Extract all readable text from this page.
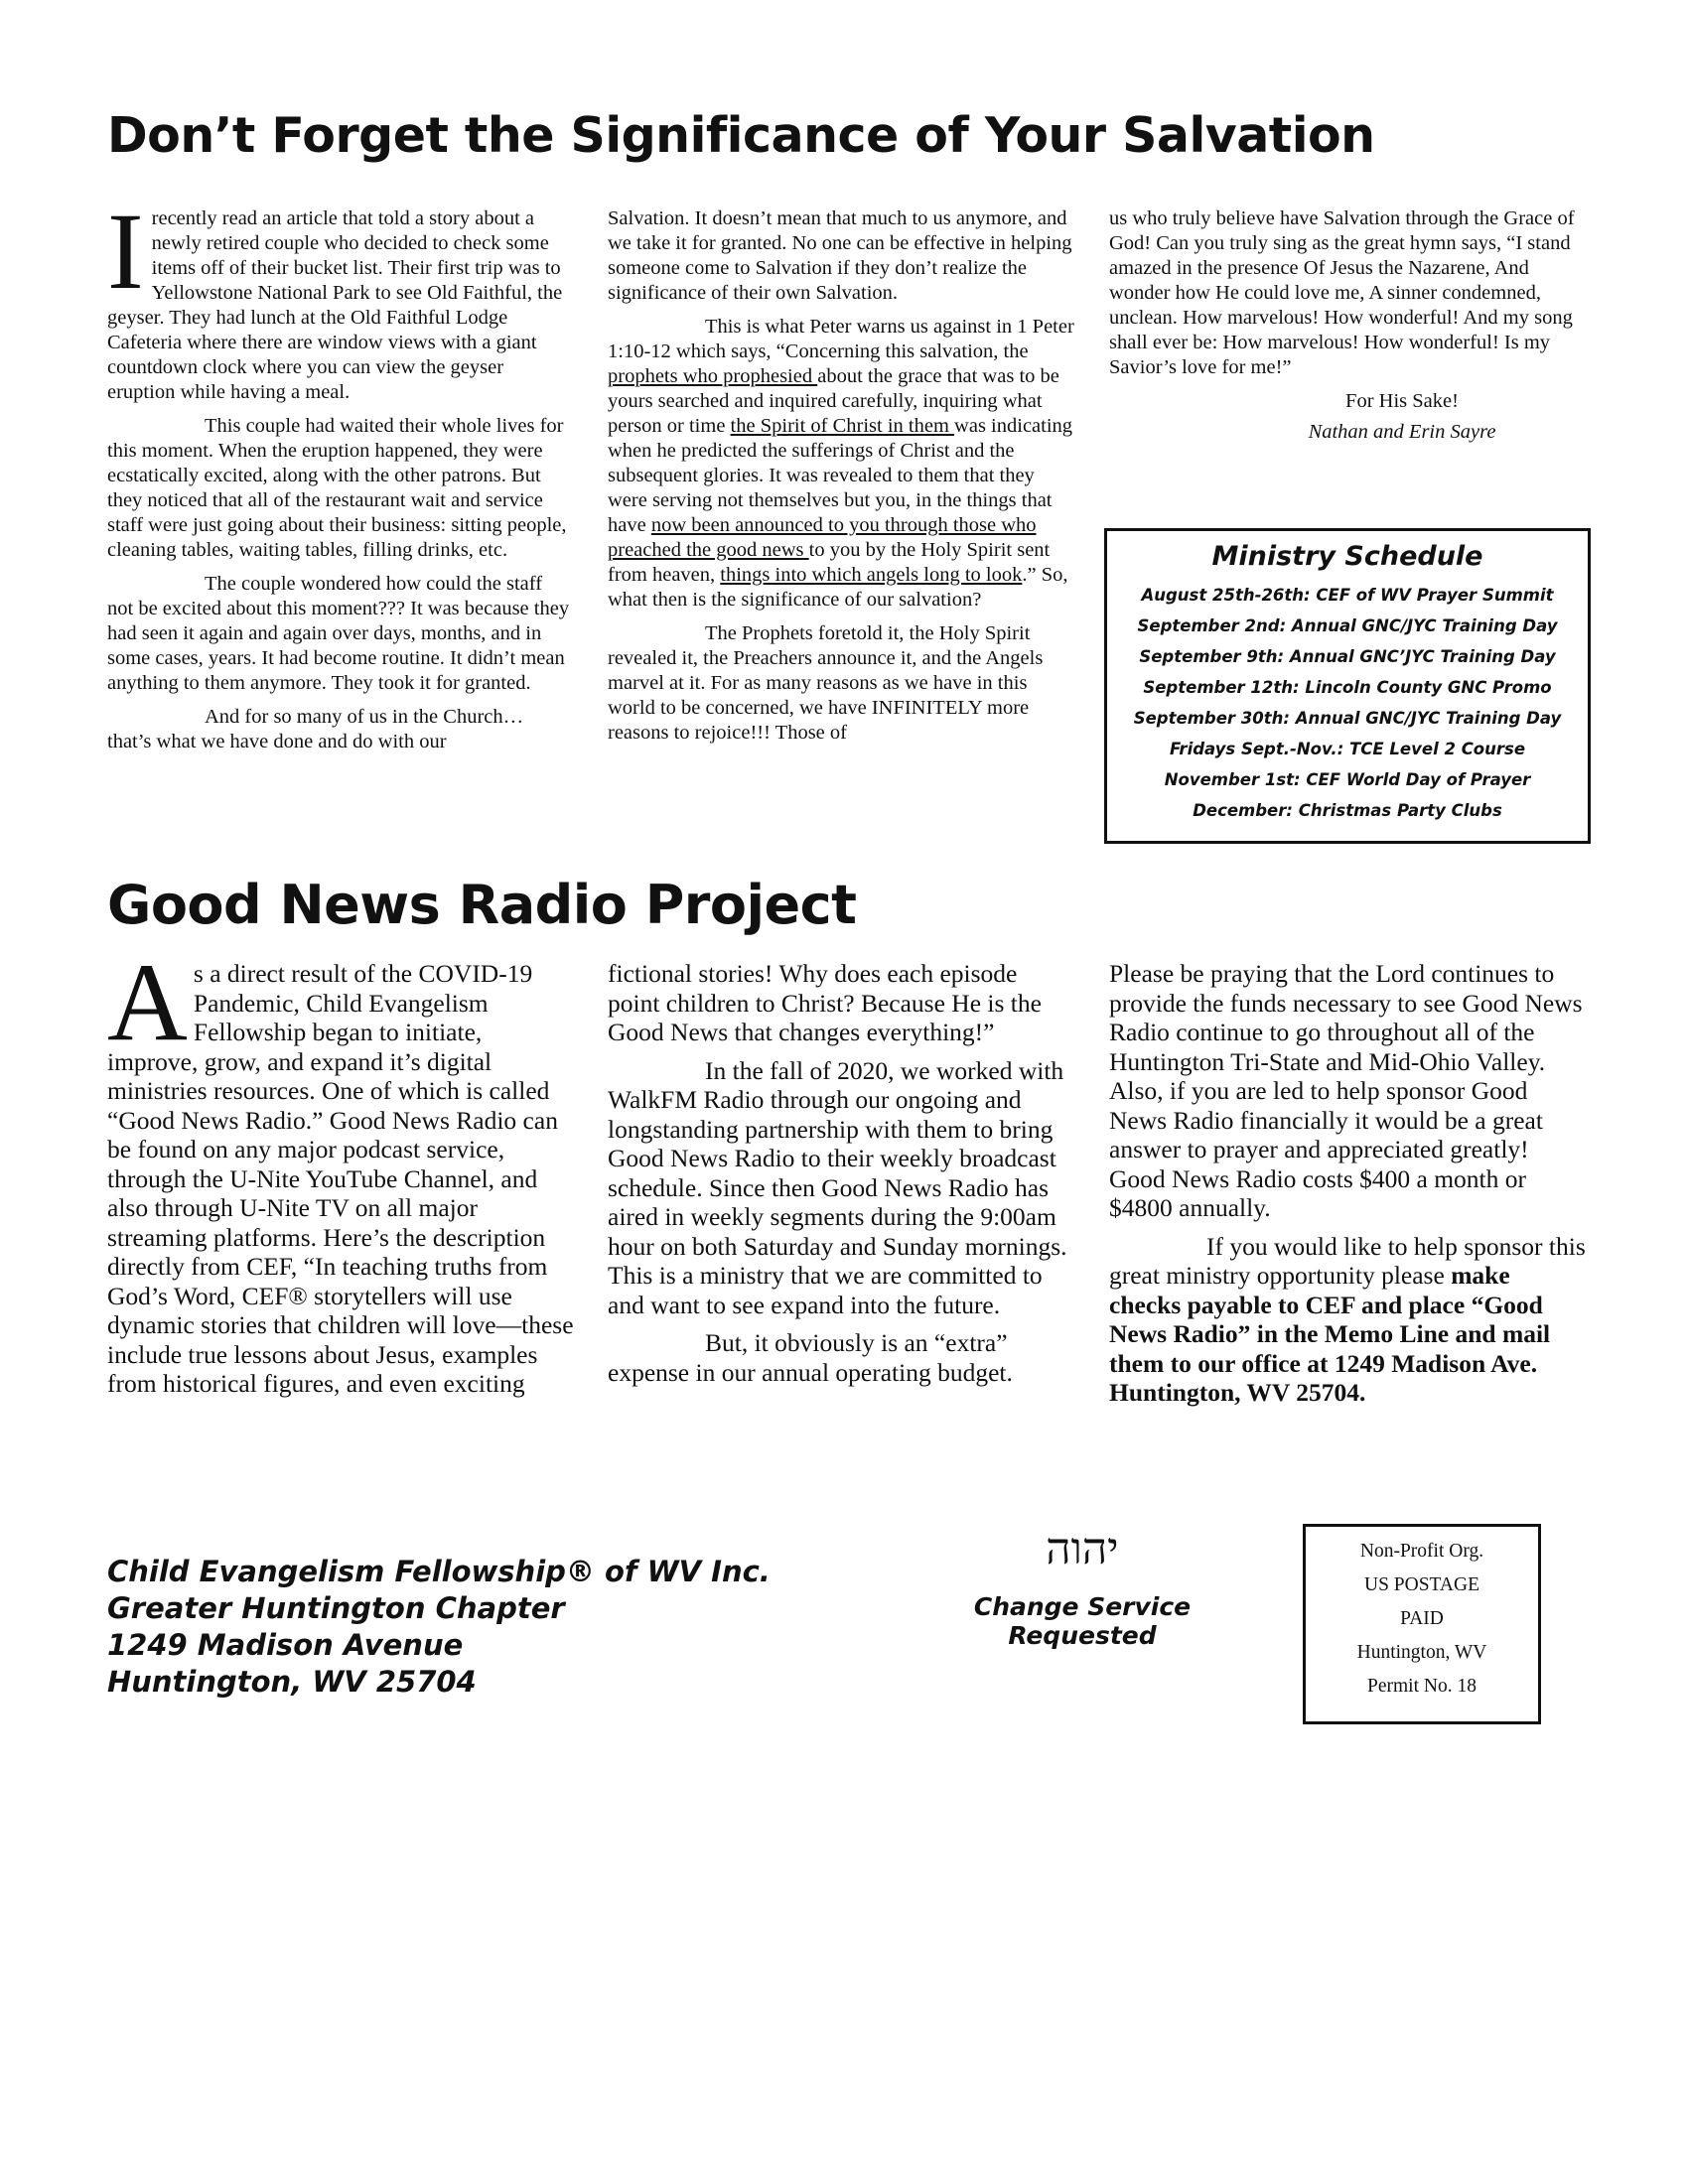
Don’t Forget the Significance of Your Salvation

I recently read an article that told a story about a newly retired couple who decided to check some items off of their bucket list. Their first trip was to Yellowstone National Park to see Old Faithful, the geyser. They had lunch at the Old Faithful Lodge Cafeteria where there are window views with a giant countdown clock where you can view the geyser eruption while having a meal.

This couple had waited their whole lives for this moment. When the eruption happened, they were ecstatically excited, along with the other patrons. But they noticed that all of the restaurant wait and service staff were just going about their business: sitting people, cleaning tables, waiting tables, filling drinks, etc.

The couple wondered how could the staff not be excited about this moment??? It was because they had seen it again and again over days, months, and in some cases, years. It had become routine. It didn’t mean anything to them anymore. They took it for granted.

And for so many of us in the Church… that’s what we have done and do with our

Salvation. It doesn’t mean that much to us anymore, and we take it for granted. No one can be effective in helping someone come to Salvation if they don’t realize the significance of their own Salvation.

This is what Peter warns us against in 1 Peter 1:10-12 which says, “Concerning this salvation, the prophets who prophesied about the grace that was to be yours searched and inquired carefully, inquiring what person or time the Spirit of Christ in them was indicating when he predicted the sufferings of Christ and the subsequent glories. It was revealed to them that they were serving not themselves but you, in the things that have now been announced to you through those who preached the good news to you by the Holy Spirit sent from heaven, things into which angels long to look.” So, what then is the significance of our salvation?

The Prophets foretold it, the Holy Spirit revealed it, the Preachers announce it, and the Angels marvel at it. For as many reasons as we have in this world to be concerned, we have INFINITELY more reasons to rejoice!!! Those of

us who truly believe have Salvation through the Grace of God! Can you truly sing as the great hymn says, “I stand amazed in the presence Of Jesus the Nazarene, And wonder how He could love me, A sinner condemned, unclean. How marvelous! How wonderful! And my song shall ever be: How marvelous! How wonderful! Is my Savior’s love for me!”

For His Sake!

Nathan and Erin Sayre

Ministry Schedule
August 25th-26th: CEF of WV Prayer Summit
September 2nd: Annual GNC/JYC Training Day
September 9th: Annual GNC’JYC Training Day
September 12th: Lincoln County GNC Promo
September 30th: Annual GNC/JYC Training Day
Fridays Sept.-Nov.: TCE Level 2 Course
November 1st: CEF World Day of Prayer
December: Christmas Party Clubs
Good News Radio Project

As a direct result of the COVID-19 Pandemic, Child Evangelism Fellowship began to initiate, improve, grow, and expand it’s digital ministries resources. One of which is called “Good News Radio.” Good News Radio can be found on any major podcast service, through the U-Nite YouTube Channel, and also through U-Nite TV on all major streaming platforms. Here’s the description directly from CEF, “In teaching truths from God’s Word, CEF® storytellers will use dynamic stories that children will love—these include true lessons about Jesus, examples from historical figures, and even exciting

fictional stories! Why does each episode point children to Christ? Because He is the Good News that changes everything!”

In the fall of 2020, we worked with WalkFM Radio through our ongoing and longstanding partnership with them to bring Good News Radio to their weekly broadcast schedule. Since then Good News Radio has aired in weekly segments during the 9:00am hour on both Saturday and Sunday mornings. This is a ministry that we are committed to and want to see expand into the future.

But, it obviously is an “extra” expense in our annual operating budget.

Please be praying that the Lord continues to provide the funds necessary to see Good News Radio continue to go throughout all of the Huntington Tri-State and Mid-Ohio Valley. Also, if you are led to help sponsor Good News Radio financially it would be a great answer to prayer and appreciated greatly! Good News Radio costs $400 a month or $4800 annually.

If you would like to help sponsor this great ministry opportunity please make checks payable to CEF and place “Good News Radio” in the Memo Line and mail them to our office at 1249 Madison Ave. Huntington, WV 25704.

Child Evangelism Fellowship® of WV Inc.
Greater Huntington Chapter
1249 Madison Avenue
Huntington, WV 25704
יהוה
Change Service Requested
Non-Profit Org.
US POSTAGE
PAID
Huntington, WV
Permit No. 18
